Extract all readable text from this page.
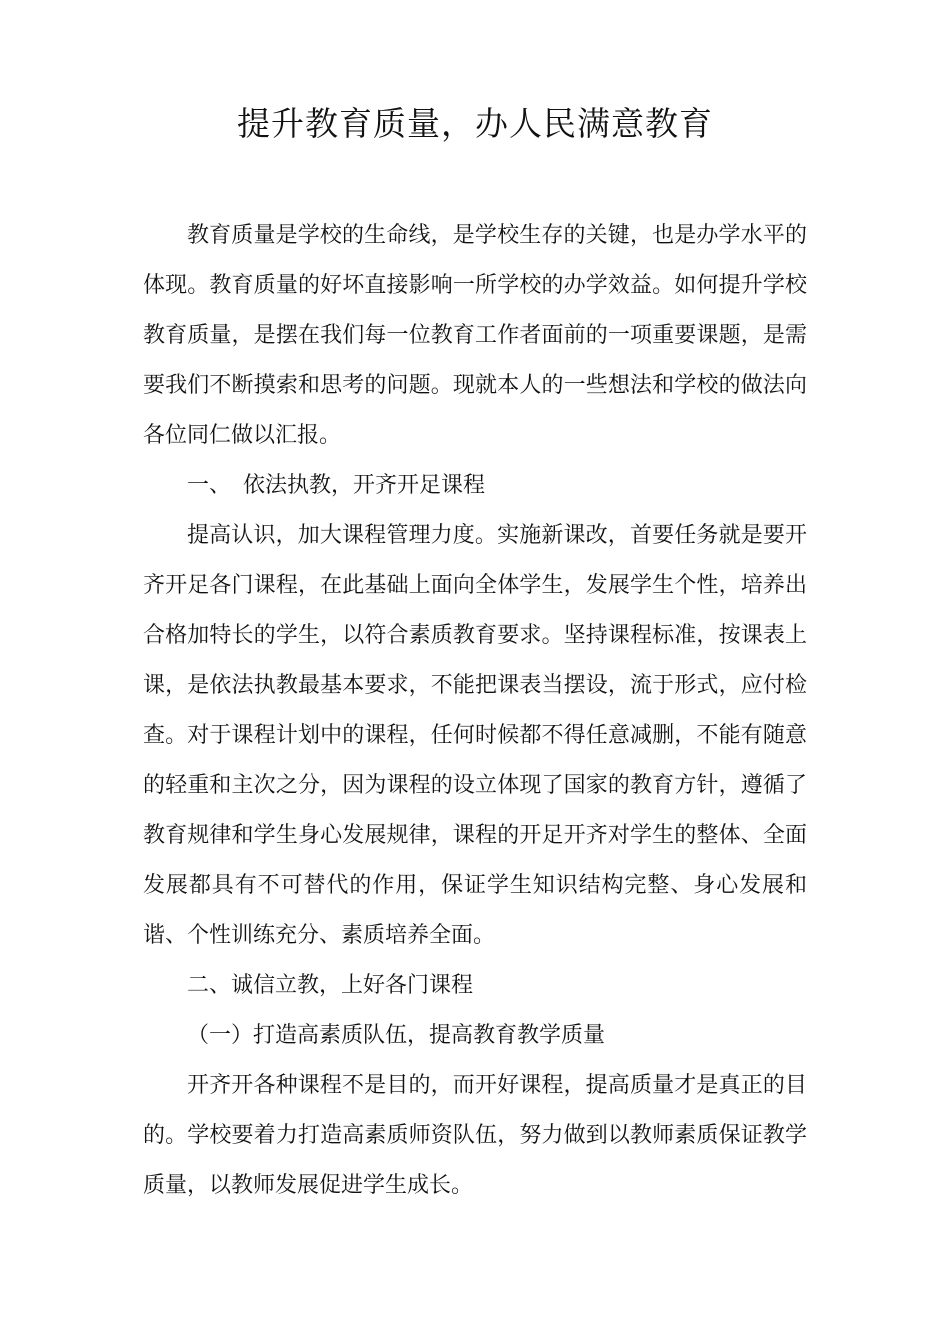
提升教育质量，办人民满意教育

教育质量是学校的生命线，是学校生存的关键，也是办学水平的体现。教育质量的好坏直接影响一所学校的办学效益。如何提升学校教育质量，是摆在我们每一位教育工作者面前的一项重要课题，是需要我们不断摸索和思考的问题。现就本人的一些想法和学校的做法向各位同仁做以汇报。

一、 依法执教，开齐开足课程

提高认识，加大课程管理力度。实施新课改，首要任务就是要开齐开足各门课程，在此基础上面向全体学生，发展学生个性，培养出合格加特长的学生，以符合素质教育要求。坚持课程标准，按课表上课，是依法执教最基本要求，不能把课表当摆设，流于形式，应付检查。对于课程计划中的课程，任何时候都不得任意减删，不能有随意的轻重和主次之分，因为课程的设立体现了国家的教育方针，遵循了教育规律和学生身心发展规律，课程的开足开齐对学生的整体、全面发展都具有不可替代的作用，保证学生知识结构完整、身心发展和谐、个性训练充分、素质培养全面。

二、诚信立教，上好各门课程

（一）打造高素质队伍，提高教育教学质量

开齐开各种课程不是目的，而开好课程，提高质量才是真正的目的。学校要着力打造高素质师资队伍，努力做到以教师素质保证教学质量，以教师发展促进学生成长。
